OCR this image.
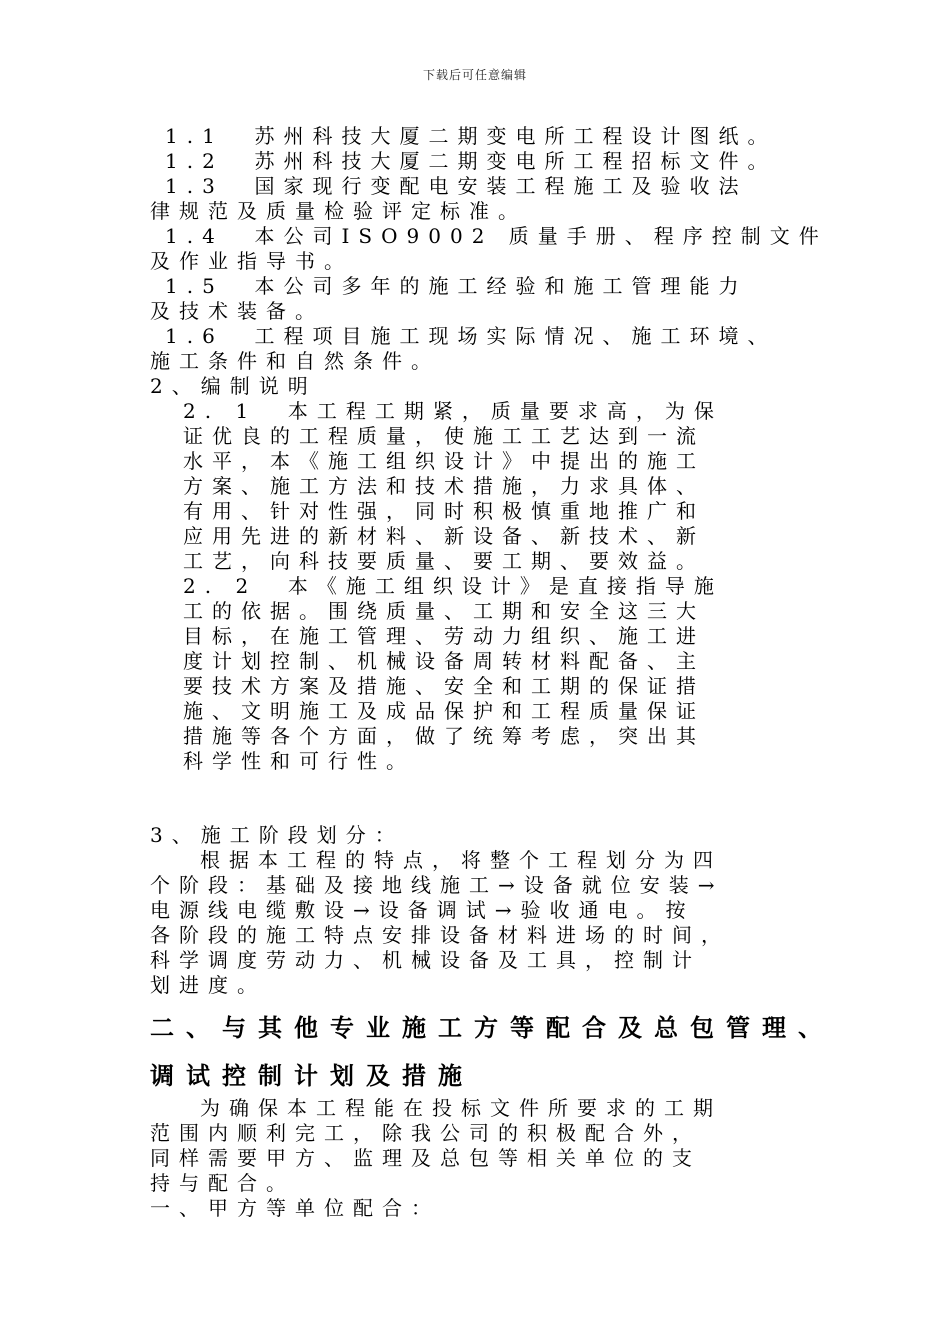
下载后可任意编辑
1.1  苏州科技大厦二期变电所工程设计图纸。
1.2  苏州科技大厦二期变电所工程招标文件。
1.3  国家现行变配电安装工程施工及验收法
律规范及质量检验评定标准。
1.4  本公司ISO9002 质量手册、程序控制文件
及作业指导书。
1.5  本公司多年的施工经验和施工管理能力
及技术装备。
1.6  工程项目施工现场实际情况、施工环境、
施工条件和自然条件。
2、编制说明
2. 1  本工程工期紧，质量要求高，为保
证优良的工程质量，使施工工艺达到一流
水平，本《施工组织设计》中提出的施工
方案、施工方法和技术措施，力求具体、
有用、针对性强，同时积极慎重地推广和
应用先进的新材料、新设备、新技术、新
工艺，向科技要质量、要工期、要效益。
2. 2  本《施工组织设计》是直接指导施
工的依据。围绕质量、工期和安全这三大
目标，在施工管理、劳动力组织、施工进
度计划控制、机械设备周转材料配备、主
要技术方案及措施、安全和工期的保证措
施、文明施工及成品保护和工程质量保证
措施等各个方面，做了统筹考虑，突出其
科学性和可行性。
3、施工阶段划分：
根据本工程的特点，将整个工程划分为四
个阶段：基础及接地线施工→设备就位安装→
电源线电缆敷设→设备调试→验收通电。按
各阶段的施工特点安排设备材料进场的时间，
科学调度劳动力、机械设备及工具，控制计
划进度。
二、与其他专业施工方等配合及总包管理、
调试控制计划及措施
为确保本工程能在投标文件所要求的工期
范围内顺利完工，除我公司的积极配合外，
同样需要甲方、监理及总包等相关单位的支
持与配合。
一、甲方等单位配合：
